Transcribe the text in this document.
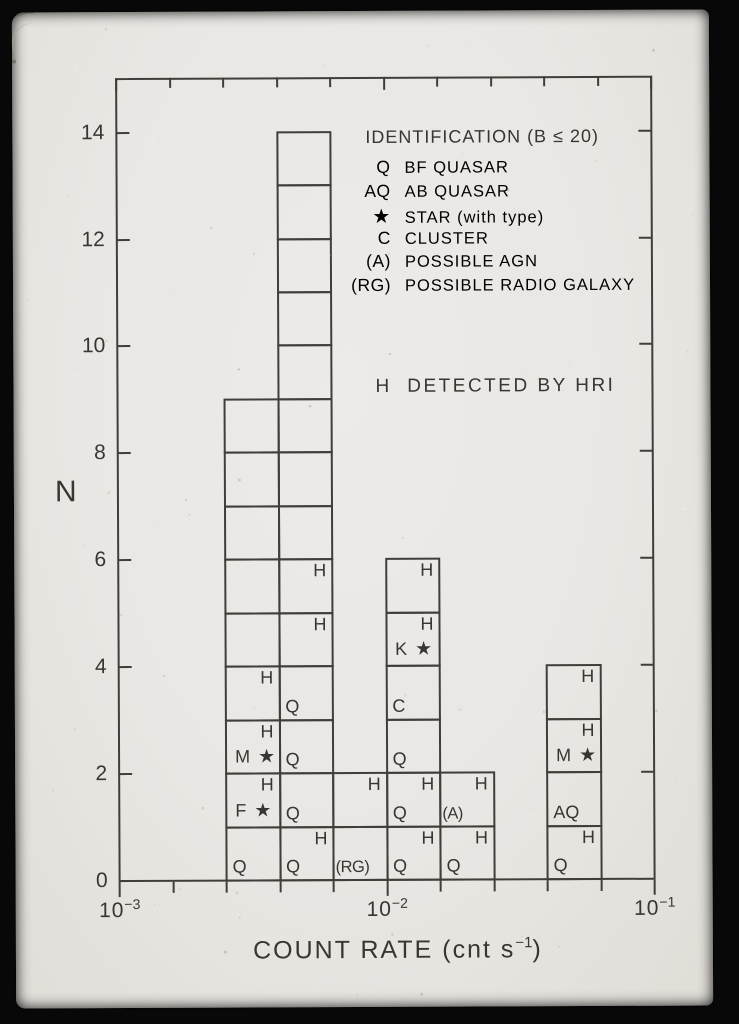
0
2
4
6
8
10
12
14
$10^{-3}$	$10^{-2}$	$10^{-1}$
Q
F ★
H
M ★
H
H
Q
H
Q
Q
Q
H
H
(RG)
H
Q
H
Q
H
Q
C
K ★
H
H
Q
H
(A)
H
Q
H
AQ
M ★
H
H
N
IDENTIFICATION (B ≤ 20)
Q BF QUASAR
AQ AB QUASAR
★ STAR (with type)
C CLUSTER
(A) POSSIBLE AGN
(RG) POSSIBLE RADIO GALAXY
H  DETECTED BY HRI
COUNT RATE (cnt $s^{-1}$)
